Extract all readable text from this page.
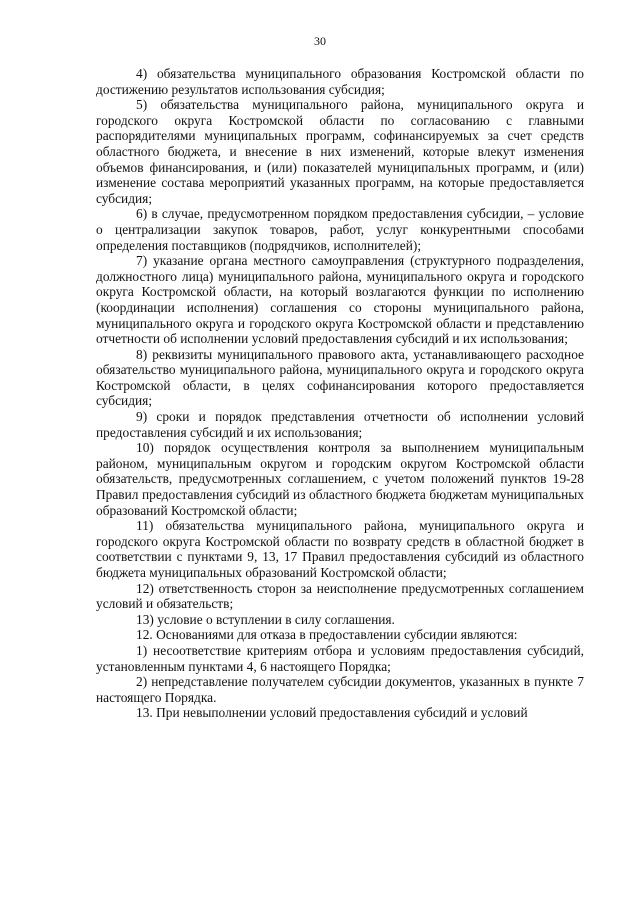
30

4) обязательства муниципального образования Костромской области по достижению результатов использования субсидия;

5) обязательства муниципального района, муниципального округа и городского округа Костромской области по согласованию с главными распорядителями муниципальных программ, софинансируемых за счет средств областного бюджета, и внесение в них изменений, которые влекут изменения объемов финансирования, и (или) показателей муниципальных программ, и (или) изменение состава мероприятий указанных программ, на которые предоставляется субсидия;

6) в случае, предусмотренном порядком предоставления субсидии, – условие о централизации закупок товаров, работ, услуг конкурентными способами определения поставщиков (подрядчиков, исполнителей);

7) указание органа местного самоуправления (структурного подразделения, должностного лица) муниципального района, муниципального округа и городского округа Костромской области, на который возлагаются функции по исполнению (координации исполнения) соглашения со стороны муниципального района, муниципального округа и городского округа Костромской области и представлению отчетности об исполнении условий предоставления субсидий и их использования;

8) реквизиты муниципального правового акта, устанавливающего расходное обязательство муниципального района, муниципального округа и городского округа Костромской области, в целях софинансирования которого предоставляется субсидия;

9) сроки и порядок представления отчетности об исполнении условий предоставления субсидий и их использования;

10) порядок осуществления контроля за выполнением муниципальным районом, муниципальным округом и городским округом Костромской области обязательств, предусмотренных соглашением, с учетом положений пунктов 19-28 Правил предоставления субсидий из областного бюджета бюджетам муниципальных образований Костромской области;

11) обязательства муниципального района, муниципального округа и городского округа Костромской области по возврату средств в областной бюджет в соответствии с пунктами 9, 13, 17 Правил предоставления субсидий из областного бюджета муниципальных образований Костромской области;

12) ответственность сторон за неисполнение предусмотренных соглашением условий и обязательств;

13) условие о вступлении в силу соглашения.

12. Основаниями для отказа в предоставлении субсидии являются:

1) несоответствие критериям отбора и условиям предоставления субсидий, установленным пунктами 4, 6 настоящего Порядка;

2) непредставление получателем субсидии документов, указанных в пункте 7 настоящего Порядка.

13. При невыполнении условий предоставления субсидий и условий
